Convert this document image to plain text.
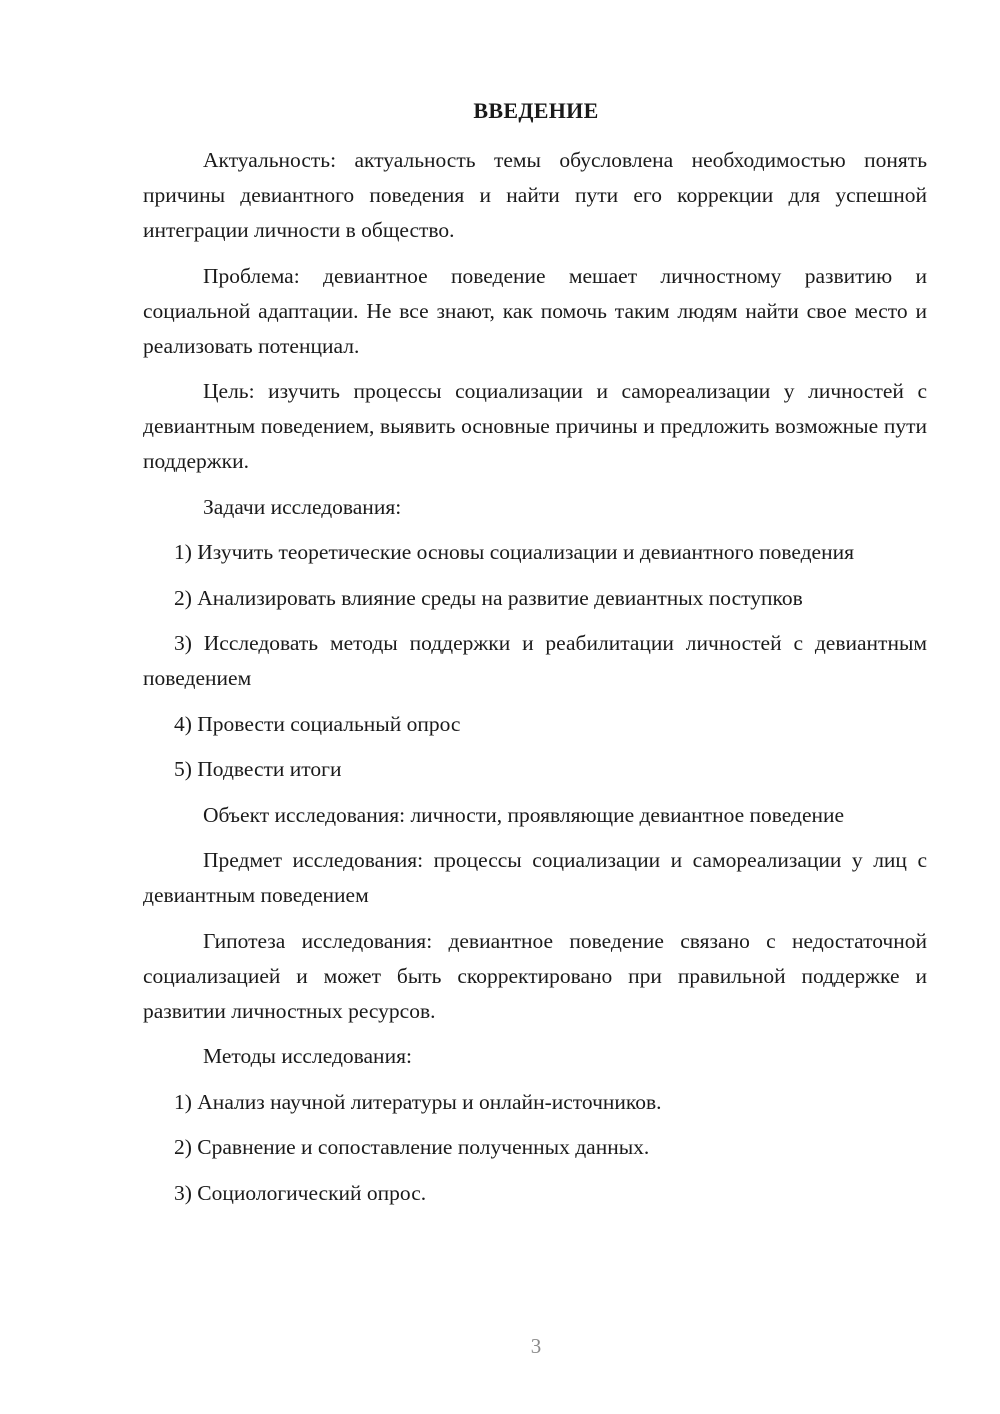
ВВЕДЕНИЕ

Актуальность: актуальность темы обусловлена необходимостью понять причины девиантного поведения и найти пути его коррекции для успешной интеграции личности в общество.

Проблема: девиантное поведение мешает личностному развитию и социальной адаптации. Не все знают, как помочь таким людям найти свое место и реализовать потенциал.

Цель: изучить процессы социализации и самореализации у личностей с девиантным поведением, выявить основные причины и предложить возможные пути поддержки.

Задачи исследования:

1) Изучить теоретические основы социализации и девиантного поведения

2) Анализировать влияние среды на развитие девиантных поступков

3) Исследовать методы поддержки и реабилитации личностей с девиантным поведением

4) Провести социальный опрос

5) Подвести итоги

Объект исследования: личности, проявляющие девиантное поведение

Предмет исследования: процессы социализации и самореализации у лиц с девиантным поведением

Гипотеза исследования: девиантное поведение связано с недостаточной социализацией и может быть скорректировано при правильной поддержке и развитии личностных ресурсов.

Методы исследования:

1) Анализ научной литературы и онлайн-источников.

2) Сравнение и сопоставление полученных данных.

3) Социологический опрос.

3
